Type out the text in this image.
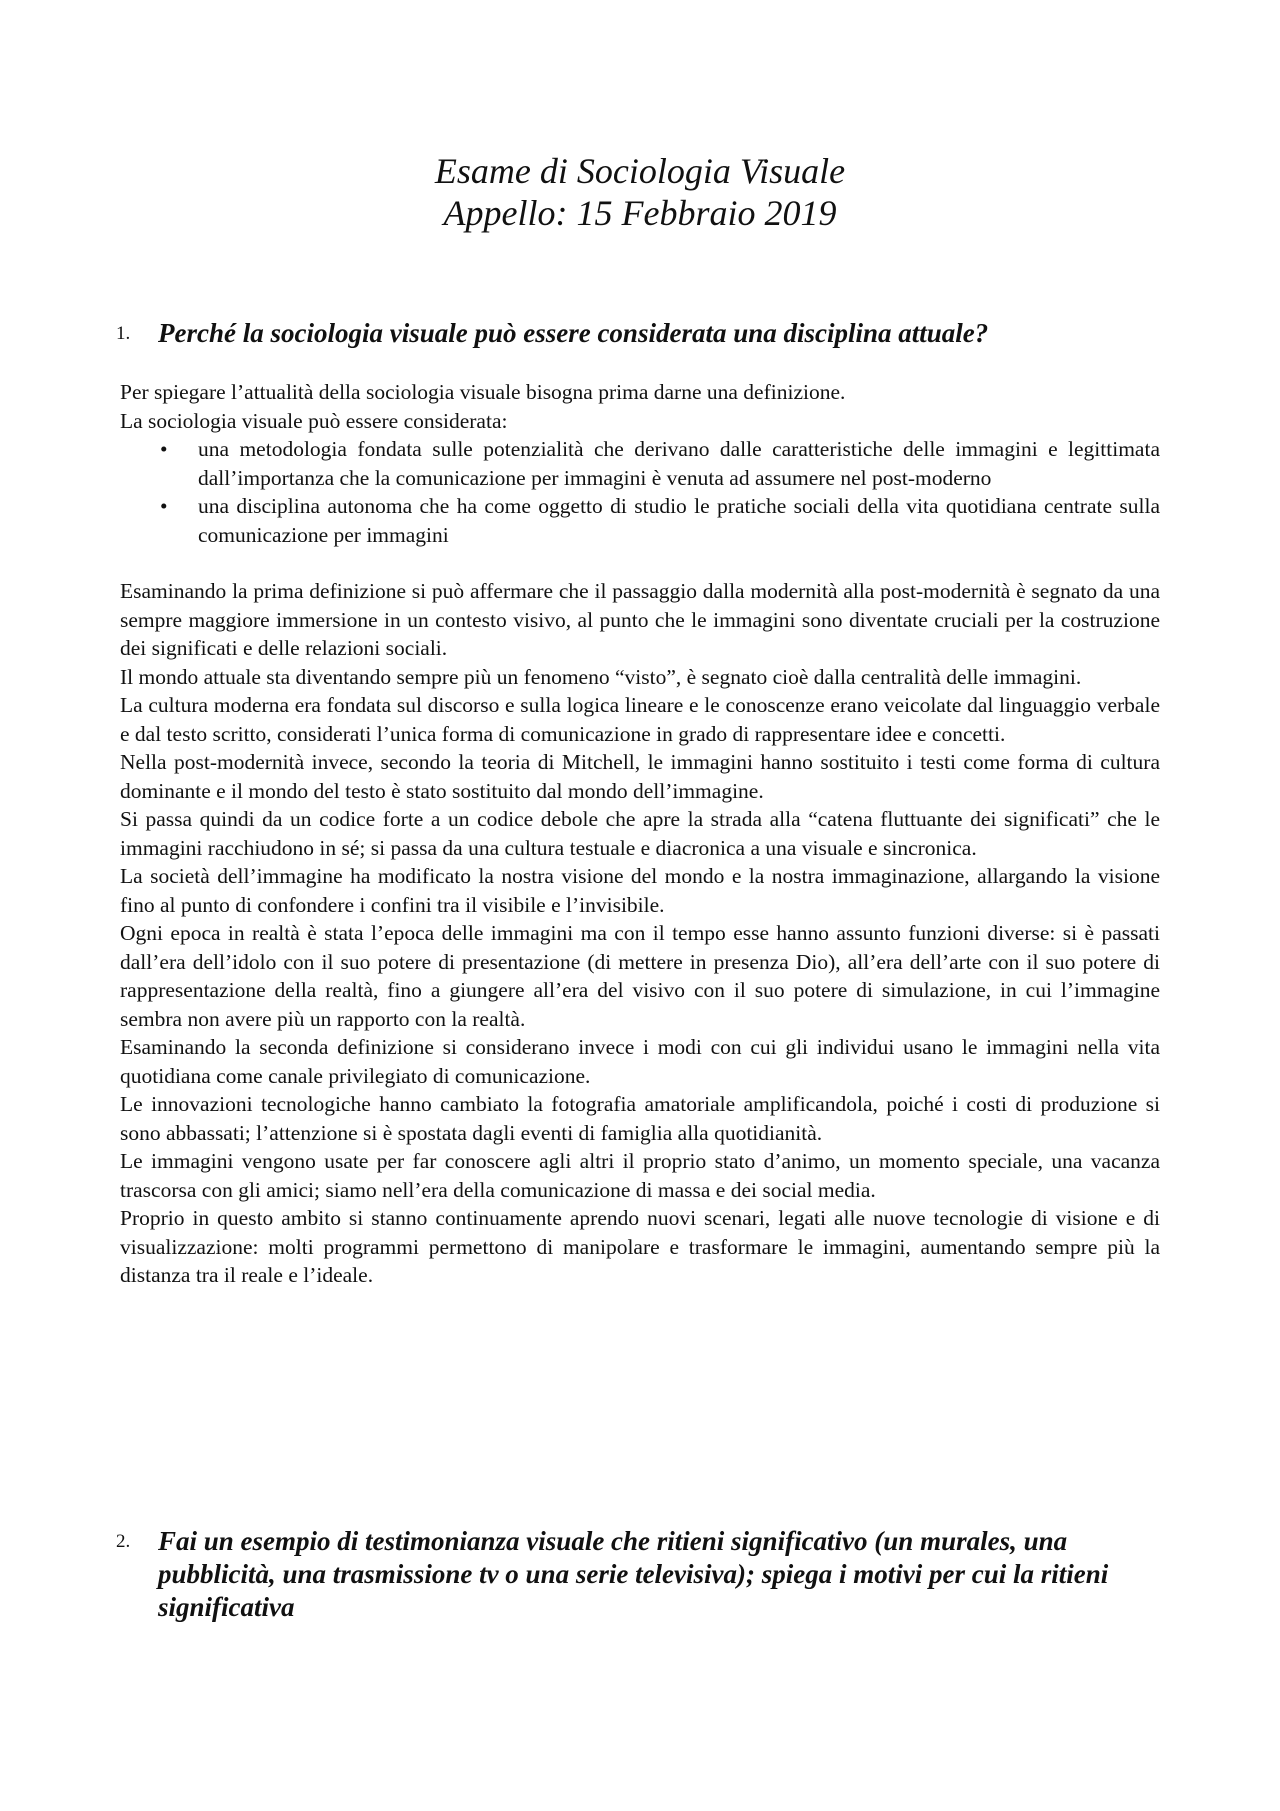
Esame di Sociologia Visuale
Appello: 15 Febbraio 2019
1. Perché la sociologia visuale può essere considerata una disciplina attuale?

Per spiegare l’attualità della sociologia visuale bisogna prima darne una definizione.

La sociologia visuale può essere considerata:

• una metodologia fondata sulle potenzialità che derivano dalle caratteristiche delle immagini e legittimata dall’importanza che la comunicazione per immagini è venuta ad assumere nel post-moderno
• una disciplina autonoma che ha come oggetto di studio le pratiche sociali della vita quotidiana centrate sulla comunicazione per immagini

Esaminando la prima definizione si può affermare che il passaggio dalla modernità alla post-modernità è segnato da una sempre maggiore immersione in un contesto visivo, al punto che le immagini sono diventate cruciali per la costruzione dei significati e delle relazioni sociali.

Il mondo attuale sta diventando sempre più un fenomeno “visto”, è segnato cioè dalla centralità delle immagini.

La cultura moderna era fondata sul discorso e sulla logica lineare e le conoscenze erano veicolate dal linguaggio verbale e dal testo scritto, considerati l’unica forma di comunicazione in grado di rappresentare idee e concetti.

Nella post-modernità invece, secondo la teoria di Mitchell, le immagini hanno sostituito i testi come forma di cultura dominante e il mondo del testo è stato sostituito dal mondo dell’immagine.

Si passa quindi da un codice forte a un codice debole che apre la strada alla “catena fluttuante dei significati” che le immagini racchiudono in sé; si passa da una cultura testuale e diacronica a una visuale e sincronica.

La società dell’immagine ha modificato la nostra visione del mondo e la nostra immaginazione, allargando la visione fino al punto di confondere i confini tra il visibile e l’invisibile.

Ogni epoca in realtà è stata l’epoca delle immagini ma con il tempo esse hanno assunto funzioni diverse: si è passati dall’era dell’idolo con il suo potere di presentazione (di mettere in presenza Dio), all’era dell’arte con il suo potere di rappresentazione della realtà, fino a giungere all’era del visivo con il suo potere di simulazione, in cui l’immagine sembra non avere più un rapporto con la realtà.

Esaminando la seconda definizione si considerano invece i modi con cui gli individui usano le immagini nella vita quotidiana come canale privilegiato di comunicazione.

Le innovazioni tecnologiche hanno cambiato la fotografia amatoriale amplificandola, poiché i costi di produzione si sono abbassati; l’attenzione si è spostata dagli eventi di famiglia alla quotidianità.

Le immagini vengono usate per far conoscere agli altri il proprio stato d’animo, un momento speciale, una vacanza trascorsa con gli amici; siamo nell’era della comunicazione di massa e dei social media.

Proprio in questo ambito si stanno continuamente aprendo nuovi scenari, legati alle nuove tecnologie di visione e di visualizzazione: molti programmi permettono di manipolare e trasformare le immagini, aumentando sempre più la distanza tra il reale e l’ideale.

2. Fai un esempio di testimonianza visuale che ritieni significativo (un murales, una pubblicità, una trasmissione tv o una serie televisiva); spiega i motivi per cui la ritieni significativa
